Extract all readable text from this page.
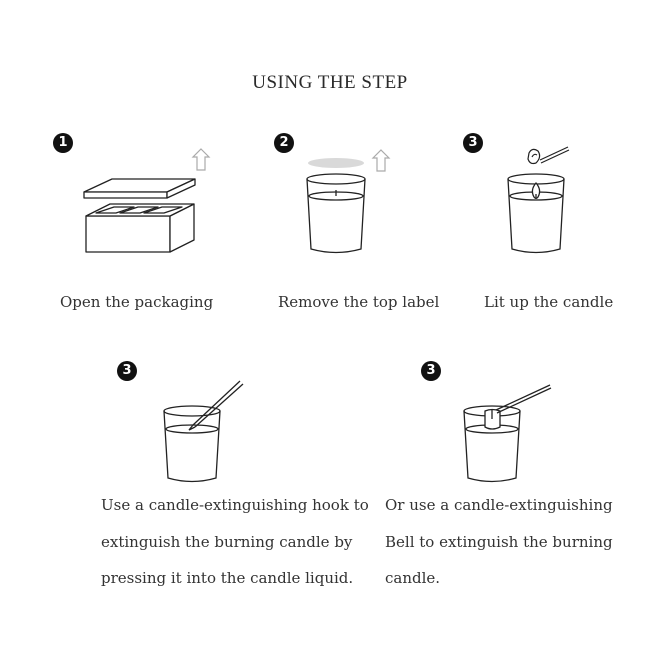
USING THE STEP
1
Open the packaging
2
Remove the top label
3
Lit up the candle
3
Use a candle-extinguishing hook to
extinguish the burning candle by
pressing it into the candle liquid.
3
Or use a candle-extinguishing
Bell to extinguish the burning
candle.
